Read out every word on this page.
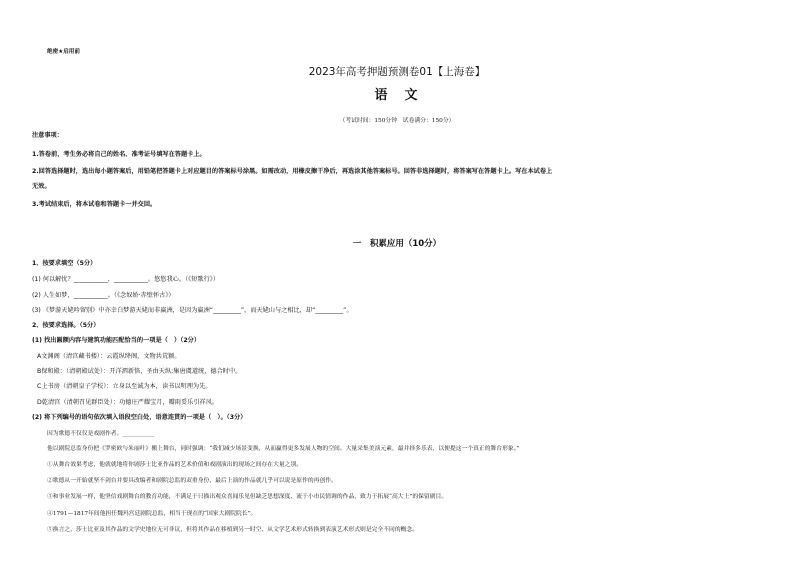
绝密★启用前
2023年高考押题预测卷01【上海卷】
语　文
（考试时间：150分钟　试卷满分：150分）
注意事项：
1.答卷前，考生务必将自己的姓名、准考证号填写在答题卡上。
2.回答选择题时，选出每小题答案后，用铅笔把答题卡上对应题目的答案标号涂黑。如需改动，用橡皮擦干净后，再选涂其他答案标号。回答非选择题时，将答案写在答题卡上。写在本试卷上
无效。
3.考试结束后，将本试卷和答题卡一并交回。
一　积累应用（10分）
1、按要求填空（5分）
(1) 何以解忧？___________，___________。悠悠我心。（《短歌行》）
(2) 人生如梦，___________。（《念奴娇·赤壁怀古》）
(3) 《梦游天姥吟留别》中亦幸白梦游天姥而非赢洲，是因为赢洲“_________”，而天姥山与之相比，却“_________”。
2、按要求选择。（5分）
(1) 找出匾额内容与建筑功能匹配恰当的一项是（　）（2分）
A文渊阁（清宫藏书楼）：云霞纵绛阁，文物共荒颍。
B保和殿：（清朝殿试处）：开洋泗新恪，圣由天纵;集唐虞道统，德合时中。
C上书房（清朝皇子学校）：立身以至诚为本，读书以明理为先。
D乾清宫（清朝召见群臣处）：功德庄严耀宝月，瓣雨妥乐引祥风。
(2) 将下列编号的语句依次填入语段空白处，语意连贯的一项是（　）。（3分）
因为歌德不仅仅是戏剧作者。___________
他以剧院总监身份把《罗密欧与朱丽叶》搬上舞台，同时强调：“我们减少场景变换，从而赢得更多发展人物的空间。大量采集美演元素，最并择多乐表，以便提这一个真正的舞台形象。”
①从舞台效果考虑，他就就地将你剧莎士比亚作品的艺术价值和戏剧演出的现场之间存在大量之别。
②歌德从一开始就坚不剑台并要具改编者和剧院总监的双重身份，最后上演的作品就几乎可以说是原作的再创作。
③和事业发展一样，他坚信戏剧舞台的教育功能，不满足于只描出观众喜闻乐见但缺乏思想深度、流于小市民情调的作品，致力于拓展“高大上”的保留剧目。
④1791—1817年间他担任魏玛宫廷剧院总监，相当于现在的“国家大剧院院长”。
⑤换言之，莎士比亚及其作品的文学史地位无可非议，但将其作品在移植到另一时空、从文学艺术形式转换到表演艺术形式则是完全不同的概念。
